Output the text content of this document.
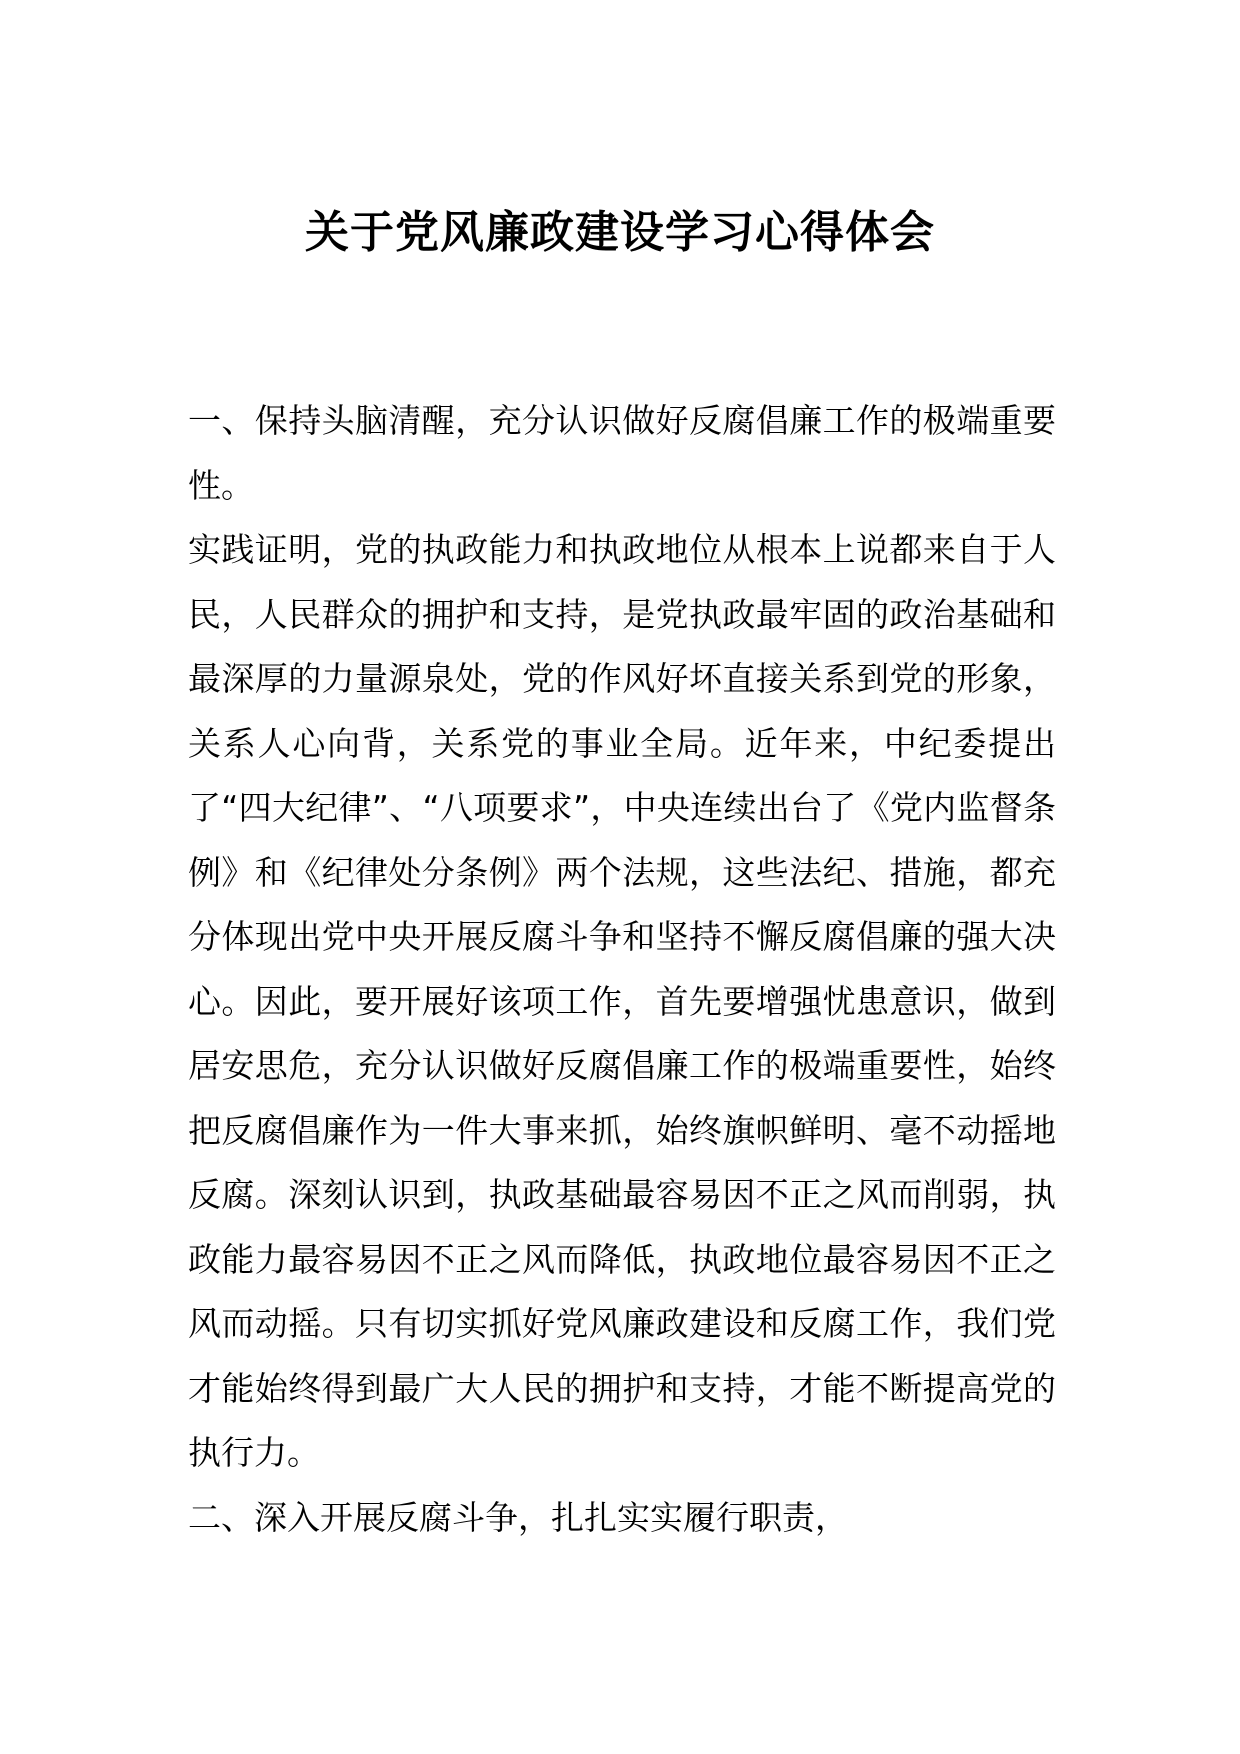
关于党风廉政建设学习心得体会

一、保持头脑清醒，充分认识做好反腐倡廉工作的极端重要性。

实践证明，党的执政能力和执政地位从根本上说都来自于人民，人民群众的拥护和支持，是党执政最牢固的政治基础和最深厚的力量源泉处，党的作风好坏直接关系到党的形象，关系人心向背，关系党的事业全局。近年来，中纪委提出了“四大纪律”、“八项要求”，中央连续出台了《党内监督条例》和《纪律处分条例》两个法规，这些法纪、措施，都充分体现出党中央开展反腐斗争和坚持不懈反腐倡廉的强大决心。因此，要开展好该项工作，首先要增强忧患意识，做到居安思危，充分认识做好反腐倡廉工作的极端重要性，始终把反腐倡廉作为一件大事来抓，始终旗帜鲜明、毫不动摇地反腐。深刻认识到，执政基础最容易因不正之风而削弱，执政能力最容易因不正之风而降低，执政地位最容易因不正之风而动摇。只有切实抓好党风廉政建设和反腐工作，我们党才能始终得到最广大人民的拥护和支持，才能不断提高党的执行力。

二、深入开展反腐斗争，扎扎实实履行职责，
